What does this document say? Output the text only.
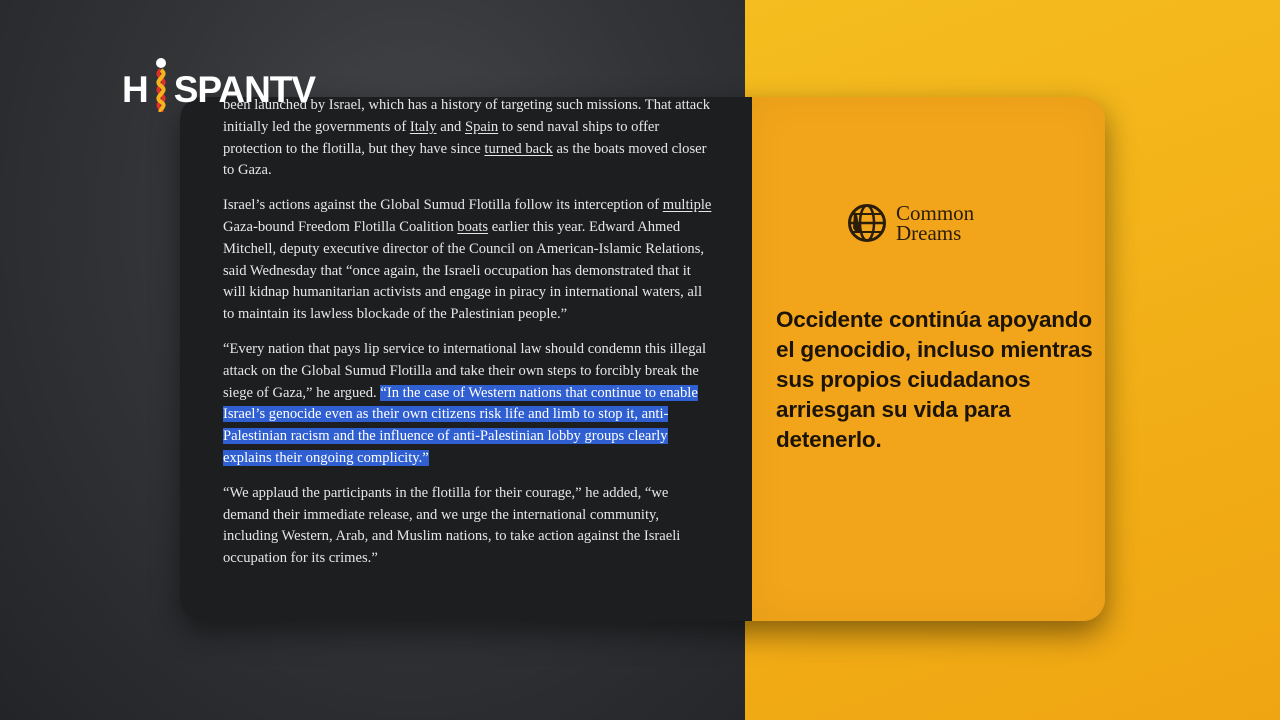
H SPANTV

been launched by Israel, which has a history of targeting such missions. That attack initially led the governments of Italy and Spain to send naval ships to offer protection to the flotilla, but they have since turned back as the boats moved closer to Gaza.

Israel’s actions against the Global Sumud Flotilla follow its interception of multiple Gaza-bound Freedom Flotilla Coalition boats earlier this year. Edward Ahmed Mitchell, deputy executive director of the Council on American-Islamic Relations, said Wednesday that “once again, the Israeli occupation has demonstrated that it will kidnap humanitarian activists and engage in piracy in international waters, all to maintain its lawless blockade of the Palestinian people.”

“Every nation that pays lip service to international law should condemn this illegal attack on the Global Sumud Flotilla and take their own steps to forcibly break the siege of Gaza,” he argued. “In the case of Western nations that continue to enable Israel’s genocide even as their own citizens risk life and limb to stop it, anti-Palestinian racism and the influence of anti-Palestinian lobby groups clearly explains their ongoing complicity.”

“We applaud the participants in the flotilla for their courage,” he added, “we demand their immediate release, and we urge the international community, including Western, Arab, and Muslim nations, to take action against the Israeli occupation for its crimes.”

Common
Dreams
Occidente continúa apoyando el genocidio, incluso mientras sus propios ciudadanos arriesgan su vida para detenerlo.
